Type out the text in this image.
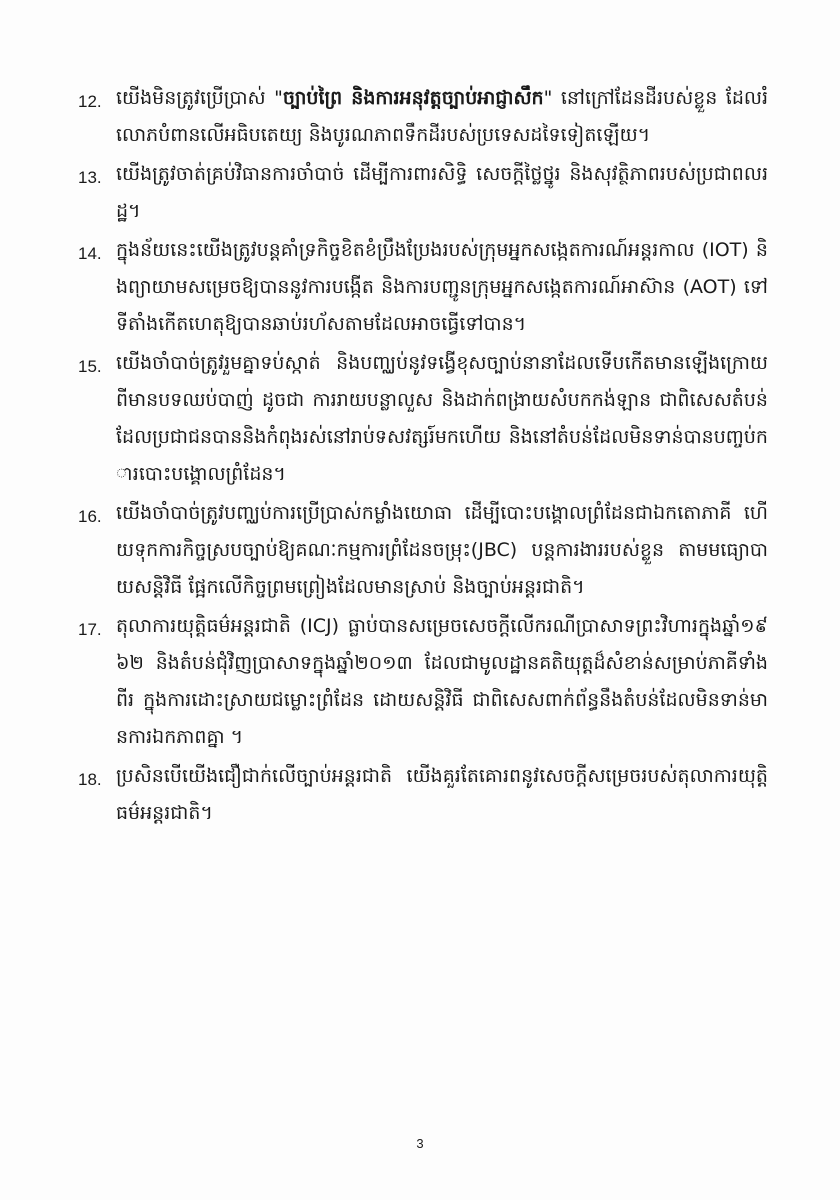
12. យើងមិនត្រូវប្រើប្រាស់ "ច្បាប់ព្រៃ និងការអនុវត្តច្បាប់អាជ្ញាសឹក" នៅក្រៅដែនដីរបស់ខ្លួន ដែលរំលោភបំពានលើអធិបតេយ្យ និងបូរណភាពទឹកដីរបស់ប្រទេសដទៃទៀតឡើយ។
13. យើងត្រូវចាត់គ្រប់វិធានការចាំបាច់ ដើម្បីការពារសិទ្ធិ សេចក្តីថ្លៃថ្នូរ និងសុវត្ថិភាពរបស់ប្រជាពលរដ្ឋ។
14. ក្នុងន័យនេះយើងត្រូវបន្តគាំទ្រកិច្ចខិតខំប្រឹងប្រែងរបស់ក្រុមអ្នកសង្កេតការណ៍អន្តរកាល (IOT) និងព្យាយាមសម្រេចឱ្យបាននូវការបង្កើត និងការបញ្ជូនក្រុមអ្នកសង្កេតការណ៍អាស៊ាន (AOT) ទៅទីតាំងកើតហេតុឱ្យបានឆាប់រហ័សតាមដែលអាចធ្វើទៅបាន។
15. យើងចាំបាច់ត្រូវរួមគ្នាទប់ស្កាត់ និងបញ្ឈប់នូវទង្វើខុសច្បាប់នានាដែលទើបកើតមានឡើងក្រោយពីមានបទឈប់បាញ់ ដូចជា ការរាយបន្លាលួស និងដាក់ពង្រាយសំបកកង់ឡាន ជាពិសេសតំបន់ដែលប្រជាជនបាននិងកំពុងរស់នៅរាប់ទសវត្សរ៍មកហើយ និងនៅតំបន់ដែលមិនទាន់បានបញ្ចប់ការបោះបង្គោលព្រំដែន។
16. យើងចាំបាច់ត្រូវបញ្ឈប់ការប្រើប្រាស់កម្លាំងយោធា ដើម្បីបោះបង្គោលព្រំដែនជាឯកតោភាគី ហើយទុកការកិច្ចស្របច្បាប់ឱ្យគណៈកម្មការព្រំដែនចម្រុះ(JBC) បន្តការងាររបស់ខ្លួន តាមមធ្យោបាយសន្តិវិធី ផ្អែកលើកិច្ចព្រមព្រៀងដែលមានស្រាប់ និងច្បាប់អន្តរជាតិ។
17. តុលាការយុត្តិធម៌អន្តរជាតិ (ICJ) ធ្លាប់បានសម្រេចសេចក្តីលើករណីប្រាសាទព្រះវិហារក្នុងឆ្នាំ១៩៦២ និងតំបន់ជុំវិញប្រាសាទក្នុងឆ្នាំ២០១៣ ដែលជាមូលដ្ឋានគតិយុត្តដ៏សំខាន់សម្រាប់ភាគីទាំងពីរ ក្នុងការដោះស្រាយជម្លោះព្រំដែន ដោយសន្តិវិធី ជាពិសេសពាក់ព័ន្ធនឹងតំបន់ដែលមិនទាន់មានការឯកភាពគ្នា ។
18. ប្រសិនបើយើងជឿជាក់លើច្បាប់អន្តរជាតិ យើងគួរតែគោរពនូវសេចក្តីសម្រេចរបស់តុលាការយុត្តិធម៌អន្តរជាតិ។
3
